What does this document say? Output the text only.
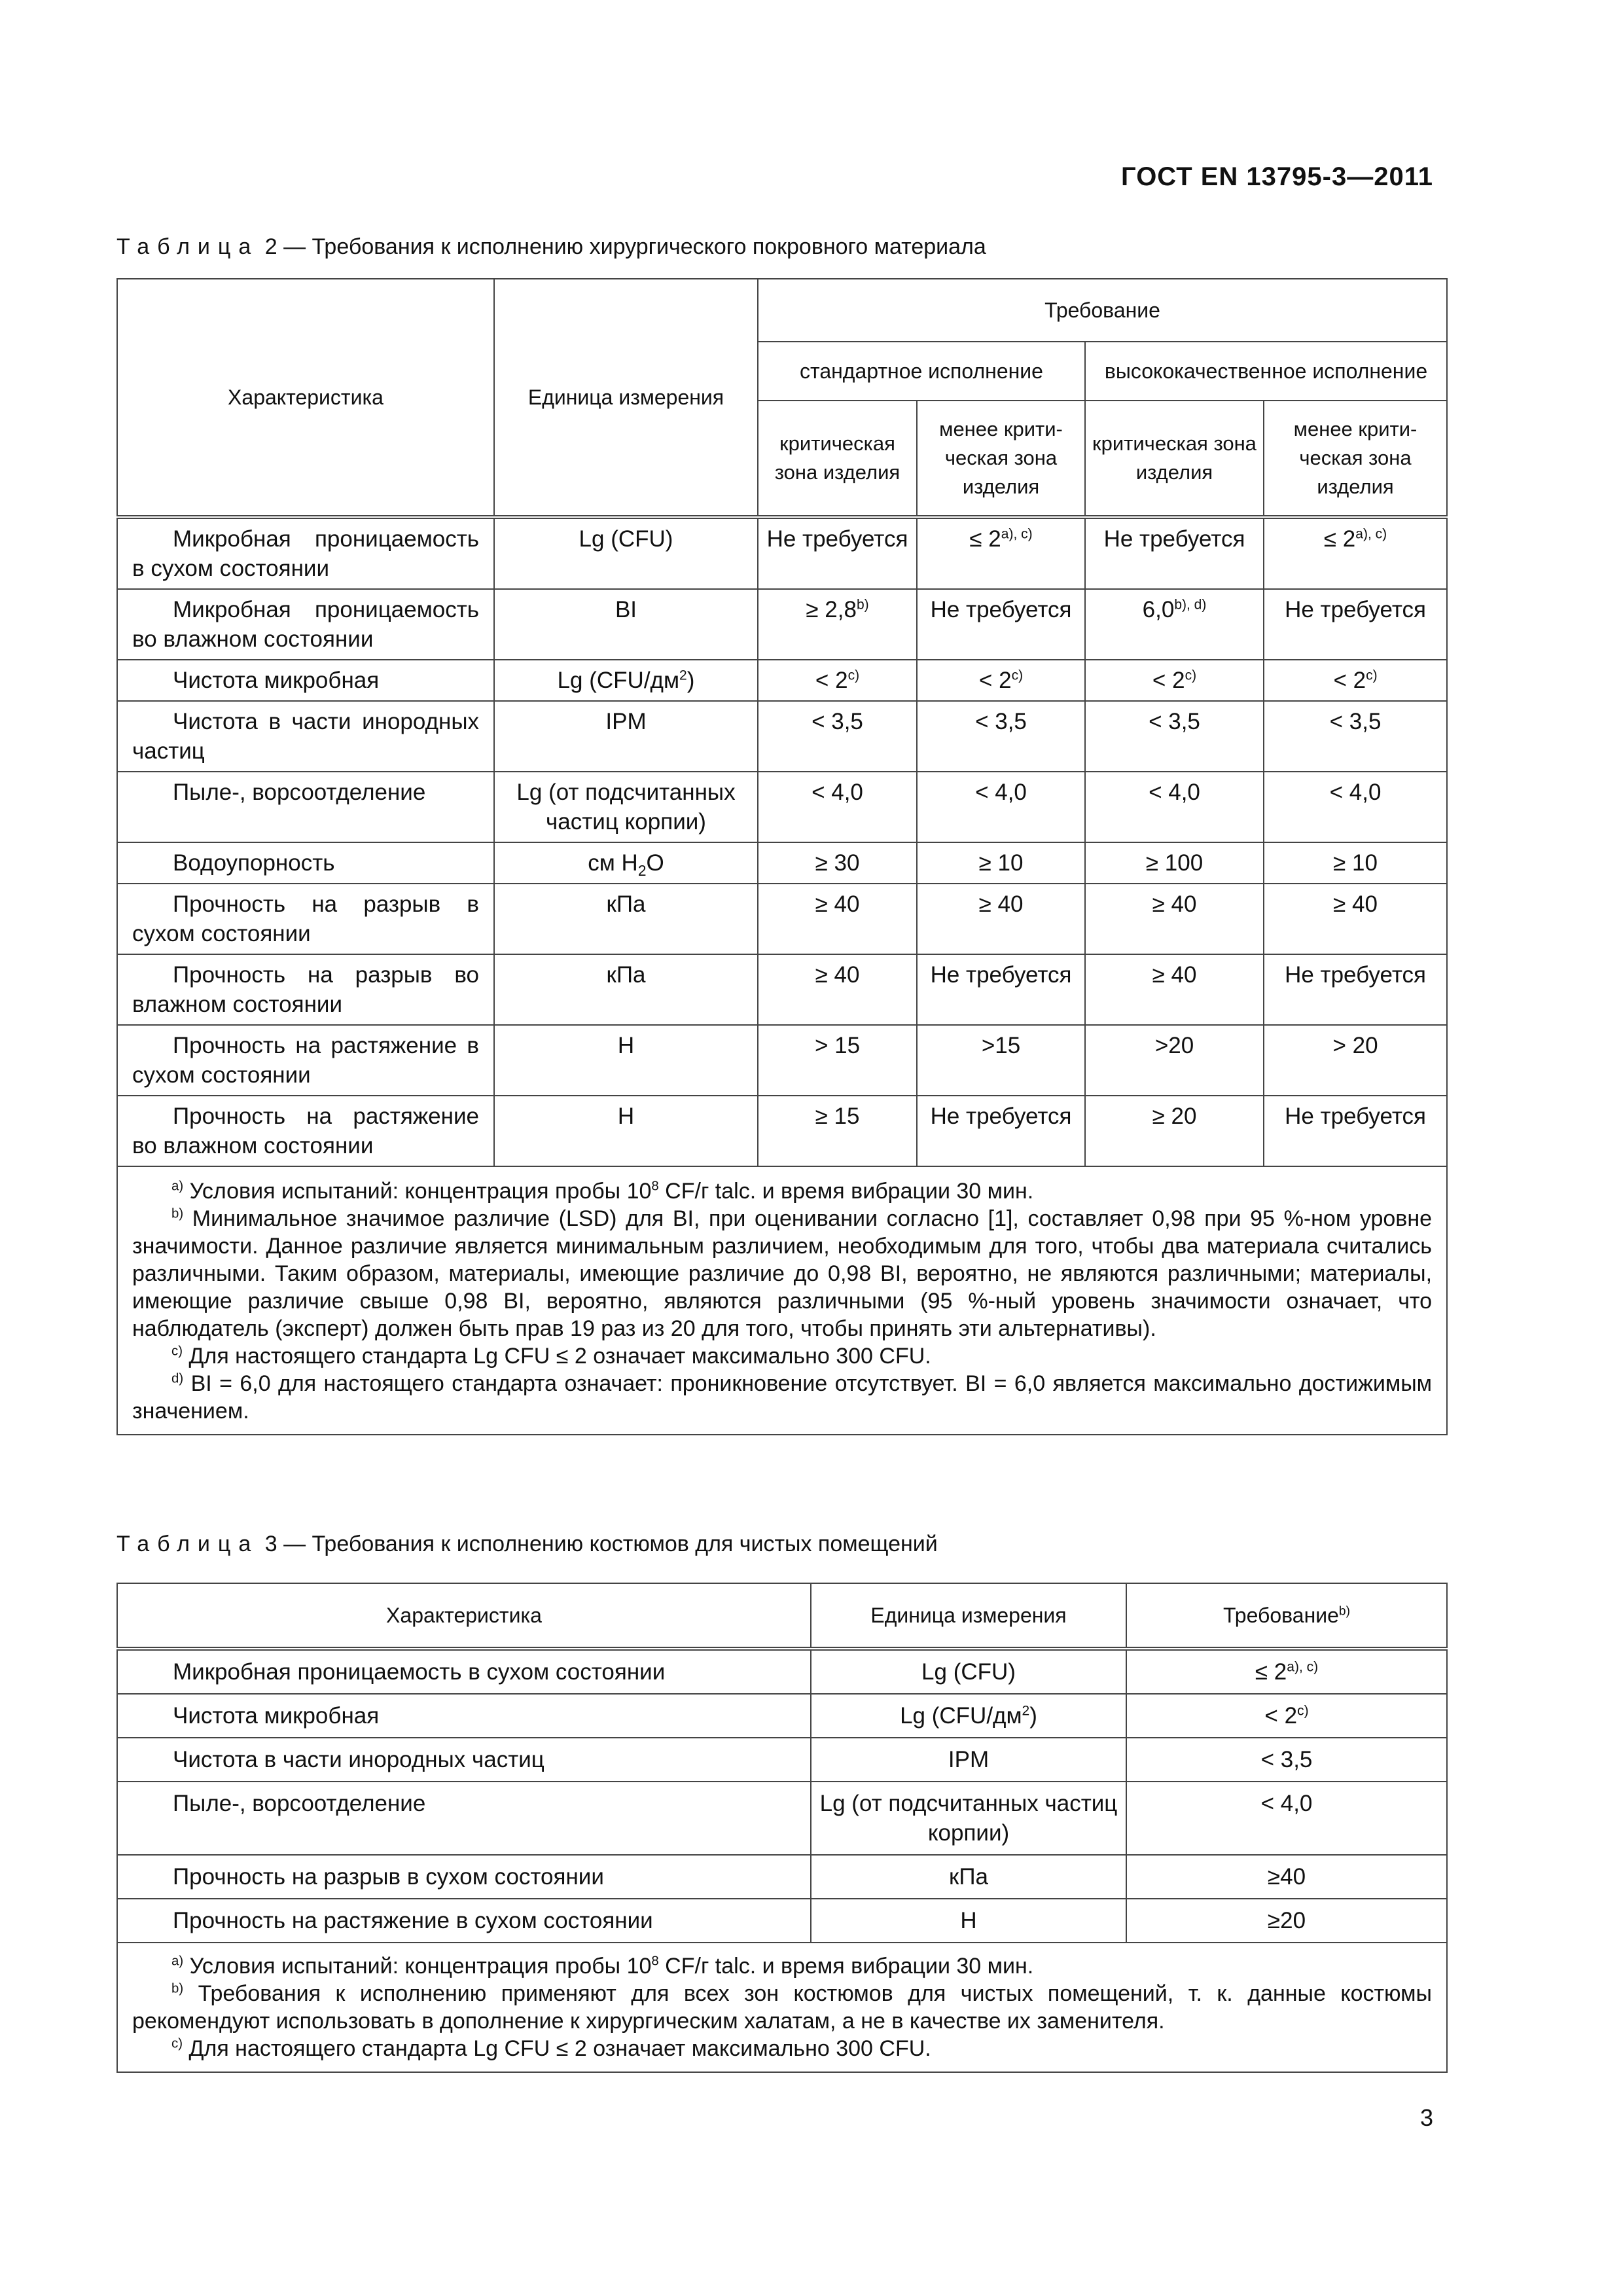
ГОСТ EN 13795-3—2011
Таблица 2 — Требования к исполнению хирургического покровного материала
Характеристика	Единица измерения	Требование			
		стандартное исполнение		высококачественное исполнение	
		критическая зона изделия	менее крити-ческая зона изделия	критическая зона изделия	менее крити-ческая зона изделия
Микробная проницаемость в сухом состоянии	Lg (CFU)	Не требуется	≤ $2^{a), c)}$	Не требуется	≤ $2^{a), c)}$
Микробная проницаемость во влажном состоянии	BI	≥ $2,8^{b)}$	Не требуется	$6,0^{b), d)}$	Не требуется
Чистота микробная	Lg $(CFU/дм^2)$	< $2^{c)}$	< $2^{c)}$	< $2^{c)}$	< $2^{c)}$
Чистота в части инородных частиц	IPM	< 3,5	< 3,5	< 3,5	< 3,5
Пыле-, ворсоотделение	Lg (от подсчитанных частиц корпии)	< 4,0	< 4,0	< 4,0	< 4,0
Водоупорность	см $H_2O$	≥ 30	≥ 10	≥ 100	≥ 10
Прочность на разрыв в сухом состоянии	кПа	≥ 40	≥ 40	≥ 40	≥ 40
Прочность на разрыв во влажном состоянии	кПа	≥ 40	Не требуется	≥ 40	Не требуется
Прочность на растяжение в сухом состоянии	Н	> 15	>15	>20	> 20
Прочность на растяжение во влажном состоянии	Н	≥ 15	Не требуется	≥ 20	Не требуется

$^{a)}$ Условия испытаний: концентрация пробы $10^8$ CF/г talc. и время вибрации 30 мин.
$^{b)}$ Минимальное значимое различие (LSD) для BI, при оценивании согласно [1], составляет 0,98 при 95 %-ном уровне значимости. Данное различие является минимальным различием, необходимым для того, чтобы два материала считались различными. Таким образом, материалы, имеющие различие до 0,98 BI, вероятно, не являются различными; материалы, имеющие различие свыше 0,98 BI, вероятно, являются различными (95 %-ный уровень значимости означает, что наблюдатель (эксперт) должен быть прав 19 раз из 20 для того, чтобы принять эти альтернативы).
$^{c)}$ Для настоящего стандарта Lg CFU ≤ 2 означает максимально 300 CFU.
$^{d)}$ BI = 6,0 для настоящего стандарта означает: проникновение отсутствует. BI = 6,0 является максимально достижимым значением.					
Таблица 3 — Требования к исполнению костюмов для чистых помещений
Характеристика	Единица измерения	Требование$^{b)}$
Микробная проницаемость в сухом состоянии	Lg (CFU)	≤ $2^{a), c)}$
Чистота микробная	Lg $(CFU/дм^2)$	< $2^{c)}$
Чистота в части инородных частиц	IPM	< 3,5
Пыле-, ворсоотделение	Lg (от подсчитанных частиц корпии)	< 4,0
Прочность на разрыв в сухом состоянии	кПа	≥40
Прочность на растяжение в сухом состоянии	Н	≥20

$^{a)}$ Условия испытаний: концентрация пробы $10^8$ CF/г talc. и время вибрации 30 мин.
$^{b)}$ Требования к исполнению применяют для всех зон костюмов для чистых помещений, т. к. данные костюмы рекомендуют использовать в дополнение к хирургическим халатам, а не в качестве их заменителя.
$^{c)}$ Для настоящего стандарта Lg CFU ≤ 2 означает максимально 300 CFU.		
3
